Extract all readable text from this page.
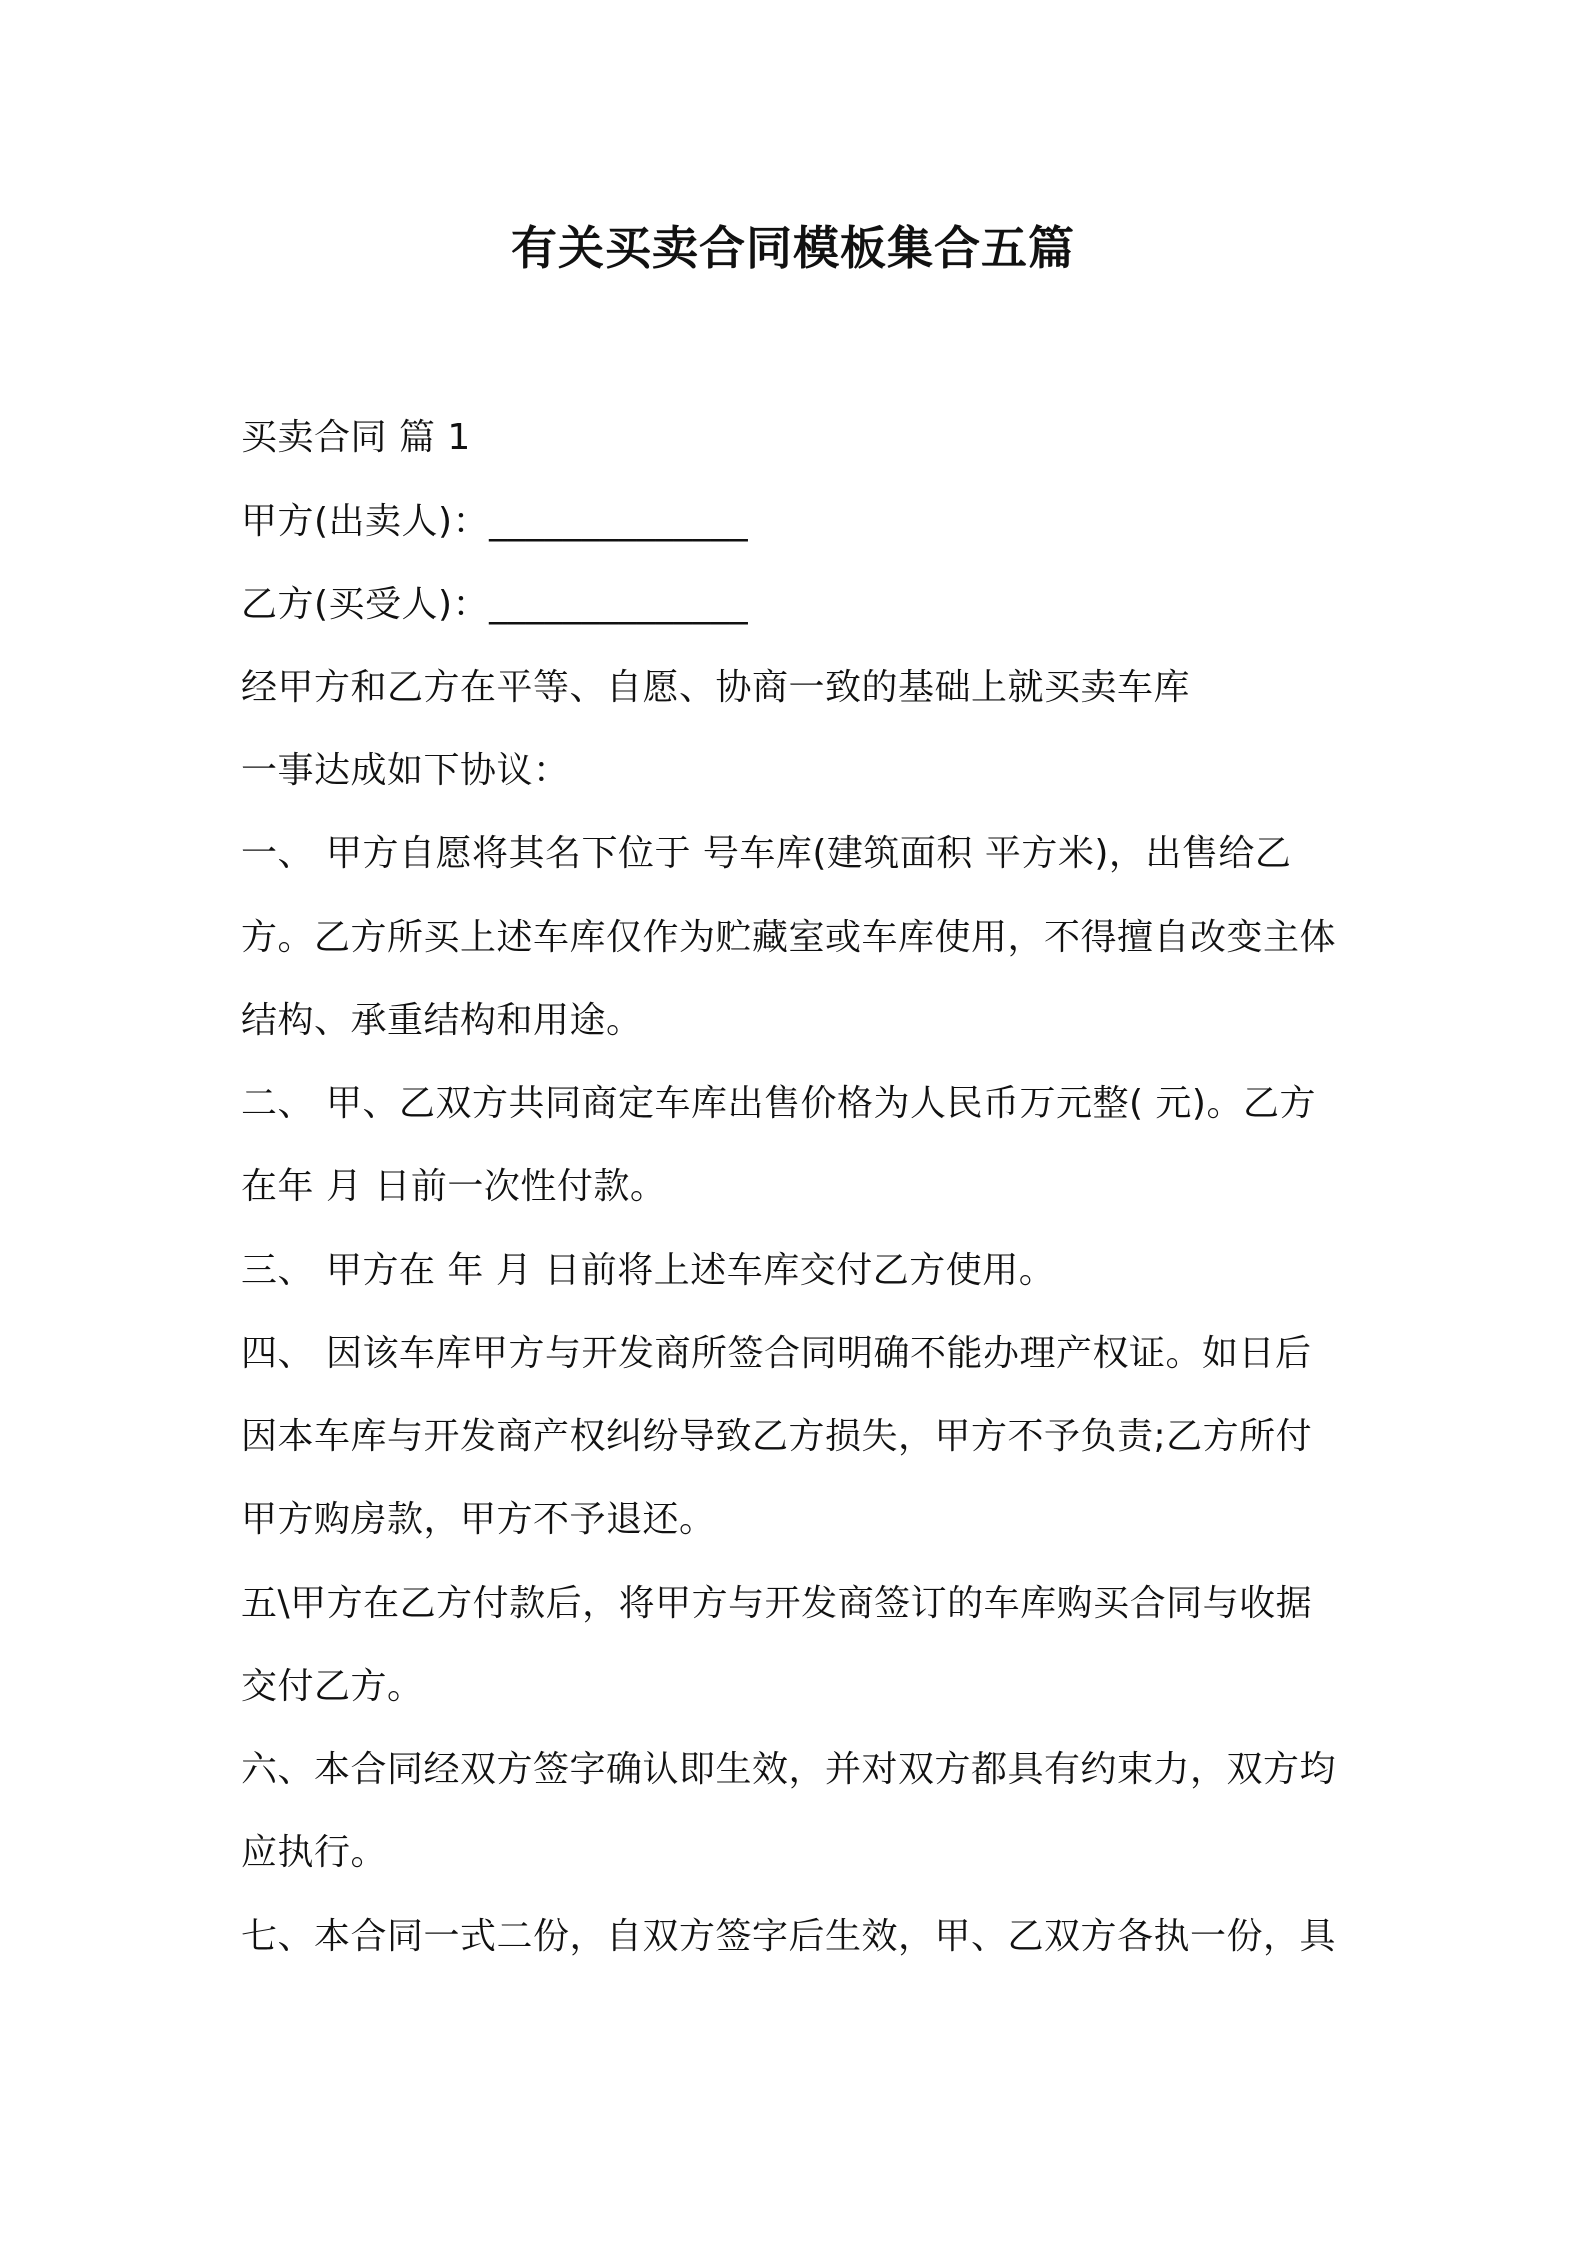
有关买卖合同模板集合五篇

买卖合同 篇 1

甲方(出卖人)：______________

乙方(买受人)：______________

经甲方和乙方在平等、自愿、协商一致的基础上就买卖车库

一事达成如下协议：

一、 甲方自愿将其名下位于 号车库(建筑面积 平方米)，出售给乙

方。乙方所买上述车库仅作为贮藏室或车库使用，不得擅自改变主体

结构、承重结构和用途。

二、 甲、乙双方共同商定车库出售价格为人民币万元整( 元)。乙方

在年 月 日前一次性付款。

三、 甲方在 年 月 日前将上述车库交付乙方使用。

四、 因该车库甲方与开发商所签合同明确不能办理产权证。如日后

因本车库与开发商产权纠纷导致乙方损失，甲方不予负责;乙方所付

甲方购房款，甲方不予退还。

五\甲方在乙方付款后，将甲方与开发商签订的车库购买合同与收据

交付乙方。

六、本合同经双方签字确认即生效，并对双方都具有约束力，双方均

应执行。

七、本合同一式二份，自双方签字后生效，甲、乙双方各执一份，具
